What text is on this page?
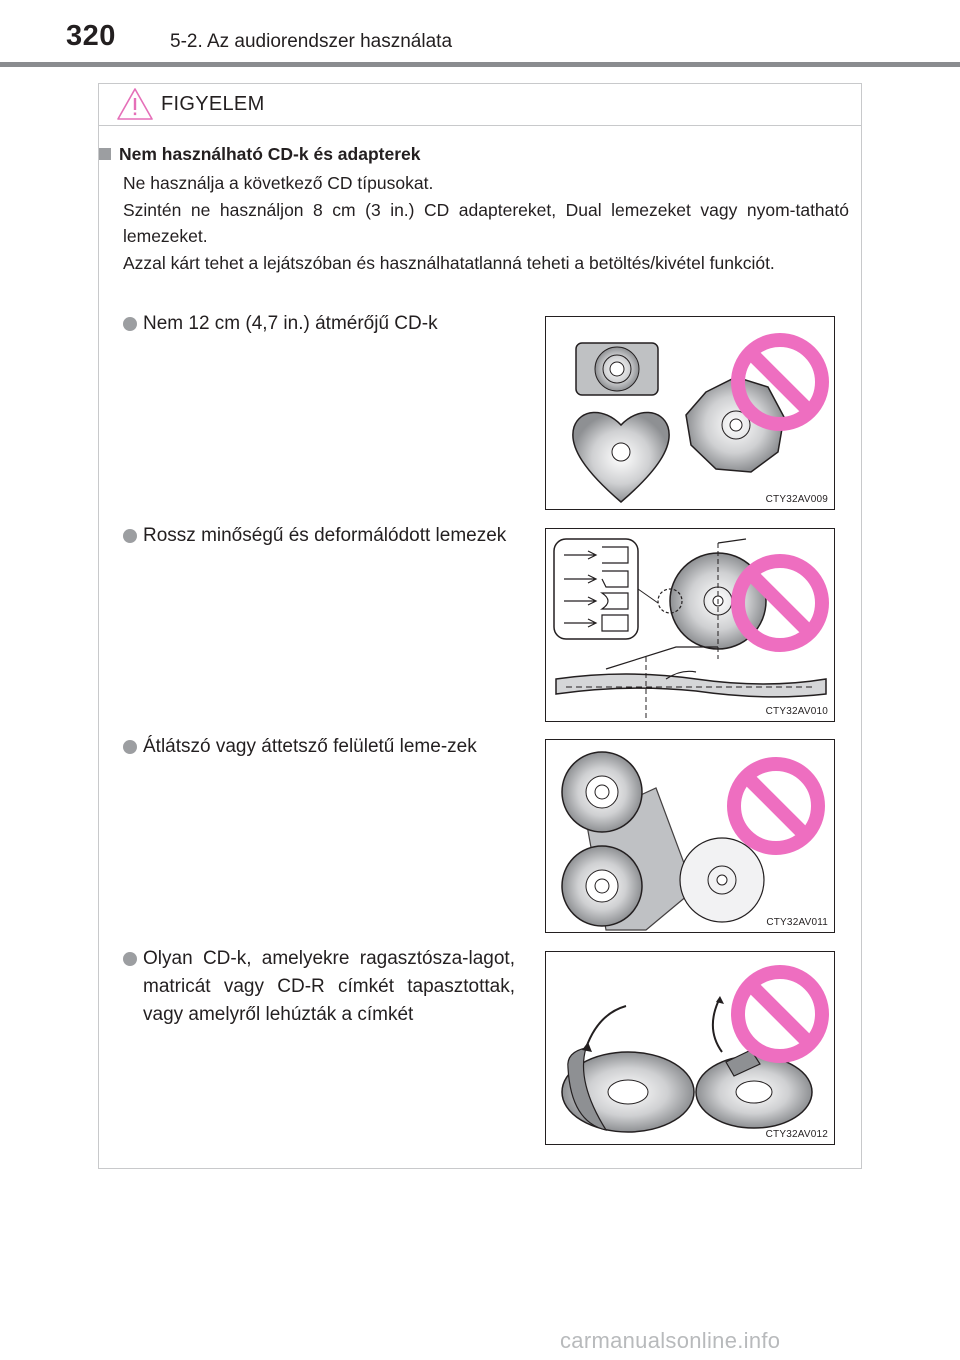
320	5-2. Az audiorendszer használata
FIGYELEM
Nem használható CD-k és adapterek

Ne használja a következő CD típusokat.

Szintén ne használjon 8 cm (3 in.) CD adaptereket, Dual lemezeket vagy nyom-tatható lemezeket.

Azzal kárt tehet a lejátszóban és használhatatlanná teheti a betöltés/kivétel funkciót.

Nem 12 cm (4,7 in.) átmérőjű CD-k
CTY32AV009
Rossz minőségű és deformálódott lemezek
CTY32AV010
Átlátszó vagy áttetsző felületű leme-zek
CTY32AV011
Olyan CD-k, amelyekre ragasztósza-lagot, matricát vagy CD-R címkét tapasztottak, vagy amelyről lehúzták a címkét
CTY32AV012
carmanualsonline.info
